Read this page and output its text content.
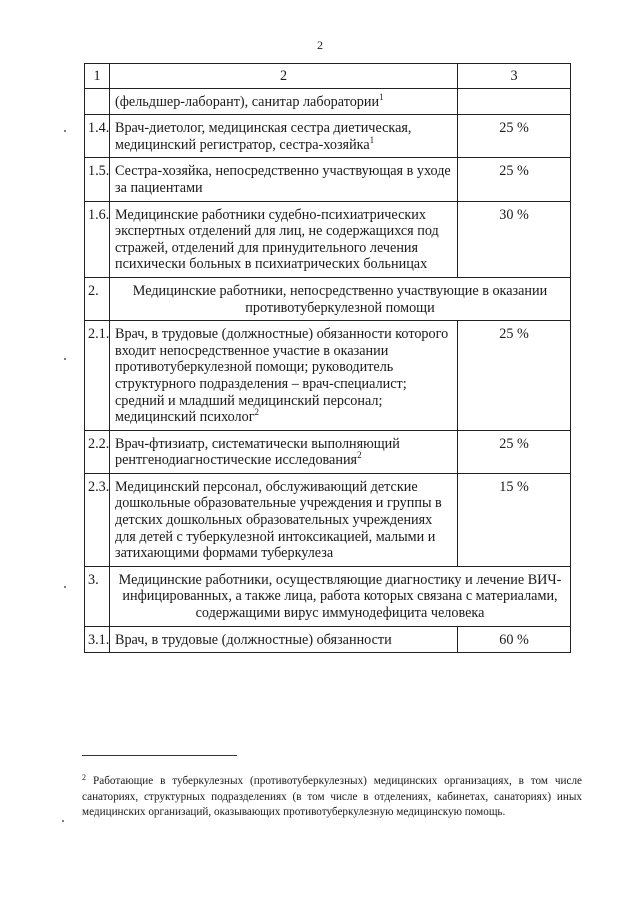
2
1	2	3
	(фельдшер-лаборант), санитар лаборатории$^1$	
1.4.	Врач-диетолог, медицинская сестра диетическая, медицинский регистратор, сестра-хозяйка$^1$	25 %
1.5.	Сестра-хозяйка, непосредственно участвующая в уходе за пациентами	25 %
1.6.	Медицинские работники судебно-психиатрических экспертных отделений для лиц, не содержащихся под стражей, отделений для принудительного лечения психически больных в психиатрических больницах	30 %
2.	Медицинские работники, непосредственно участвующие в оказании противотуберкулезной помощи	
2.1.	Врач, в трудовые (должностные) обязанности которого входит непосредственное участие в оказании противотуберкулезной помощи; руководитель структурного подразделения – врач-специалист; средний и младший медицинский персонал; медицинский психолог$^2$	25 %
2.2.	Врач-фтизиатр, систематически выполняющий рентгенодиагностические исследования$^2$	25 %
2.3.	Медицинский персонал, обслуживающий детские дошкольные образовательные учреждения и группы в детских дошкольных образовательных учреждениях для детей с туберкулезной интоксикацией, малыми и затихающими формами туберкулеза	15 %
3.	Медицинские работники, осуществляющие диагностику и лечение ВИЧ-инфицированных, а также лица, работа которых связана с материалами, содержащими вирус иммунодефицита человека	
3.1.	Врач, в трудовые (должностные) обязанности	60 %
$^2$ Работающие в туберкулезных (противотуберкулезных) медицинских организациях, в том числе санаториях, структурных подразделениях (в том числе в отделениях, кабинетах, санаториях) иных медицинских организаций, оказывающих противотуберкулезную медицинскую помощь.
